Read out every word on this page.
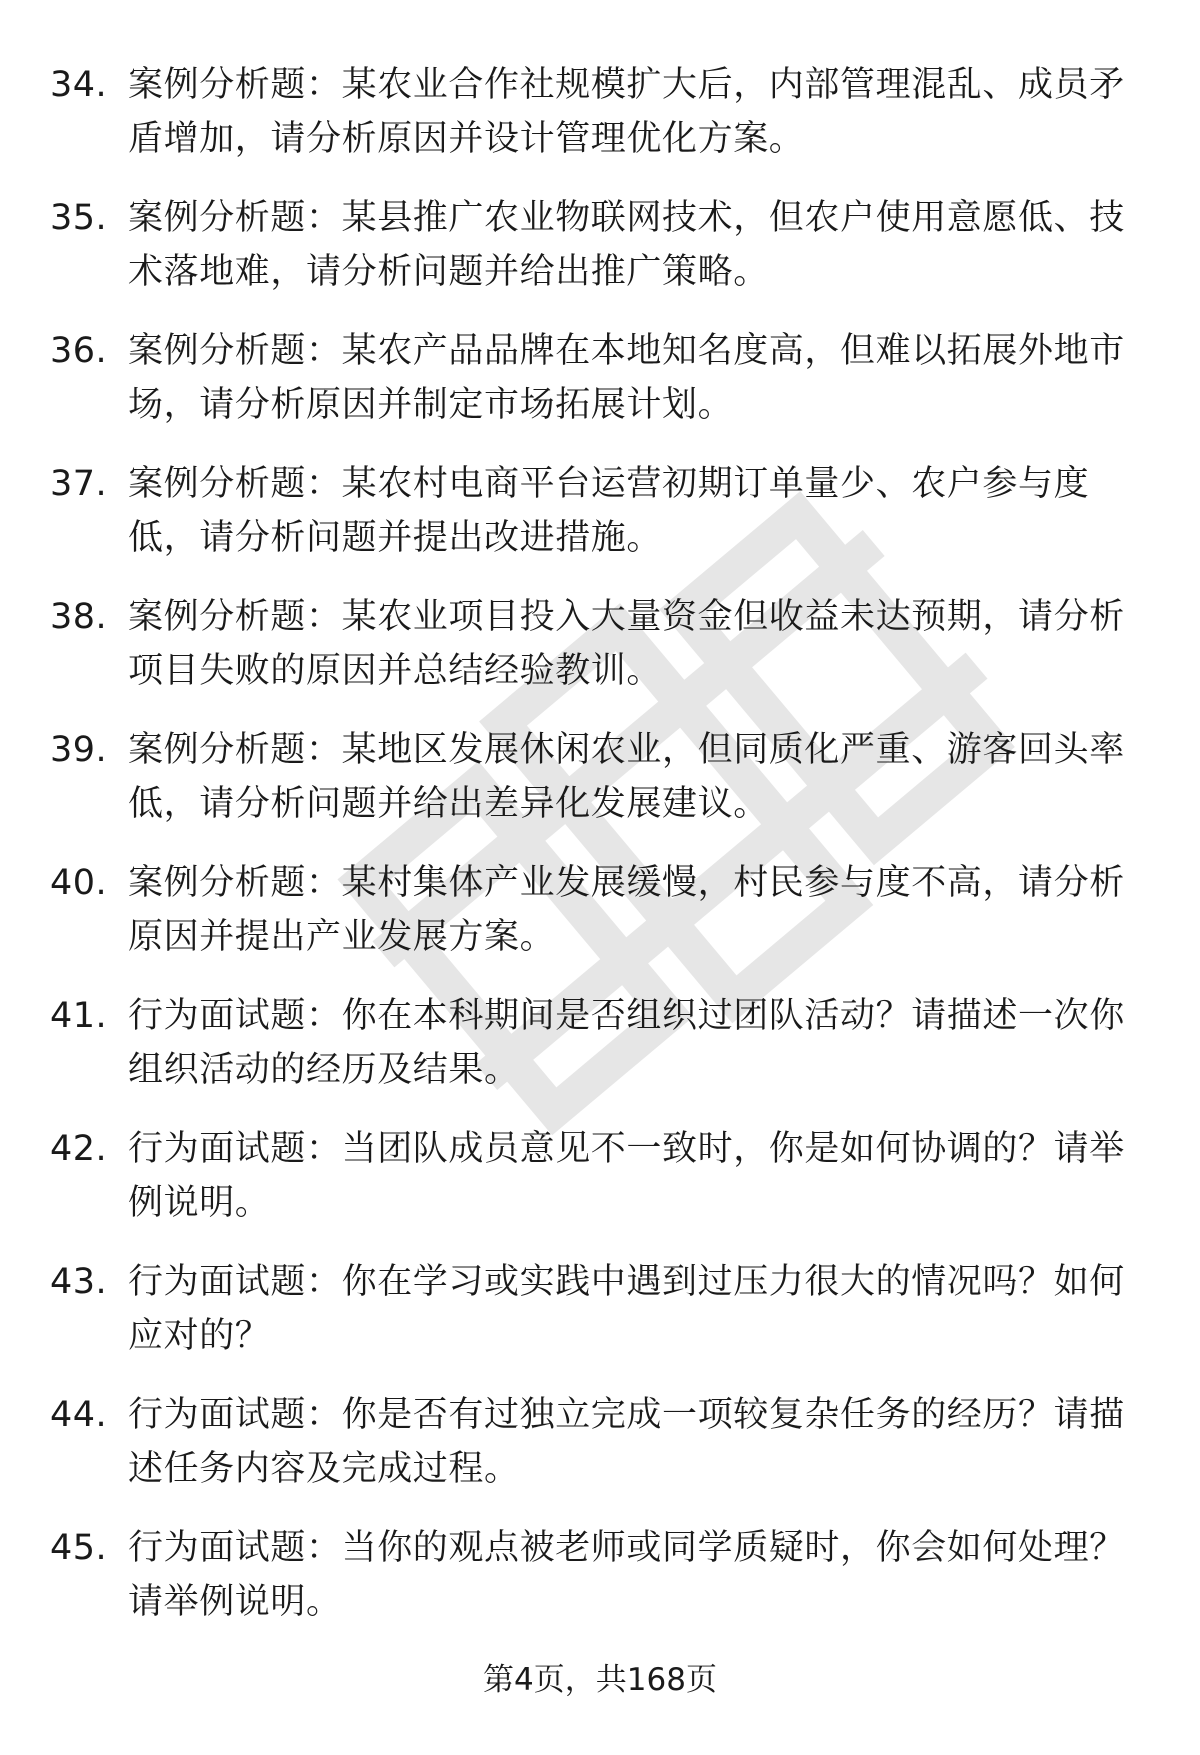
34. 案例分析题：某农业合作社规模扩大后，内部管理混乱、成员矛盾增加，请分析原因并设计管理优化方案。
35. 案例分析题：某县推广农业物联网技术，但农户使用意愿低、技术落地难，请分析问题并给出推广策略。
36. 案例分析题：某农产品品牌在本地知名度高，但难以拓展外地市场，请分析原因并制定市场拓展计划。
37. 案例分析题：某农村电商平台运营初期订单量少、农户参与度低，请分析问题并提出改进措施。
38. 案例分析题：某农业项目投入大量资金但收益未达预期，请分析项目失败的原因并总结经验教训。
39. 案例分析题：某地区发展休闲农业，但同质化严重、游客回头率低，请分析问题并给出差异化发展建议。
40. 案例分析题：某村集体产业发展缓慢，村民参与度不高，请分析原因并提出产业发展方案。
41. 行为面试题：你在本科期间是否组织过团队活动？请描述一次你组织活动的经历及结果。
42. 行为面试题：当团队成员意见不一致时，你是如何协调的？请举例说明。
43. 行为面试题：你在学习或实践中遇到过压力很大的情况吗？如何应对的？
44. 行为面试题：你是否有过独立完成一项较复杂任务的经历？请描述任务内容及完成过程。
45. 行为面试题：当你的观点被老师或同学质疑时，你会如何处理？请举例说明。
第4页，共168页
